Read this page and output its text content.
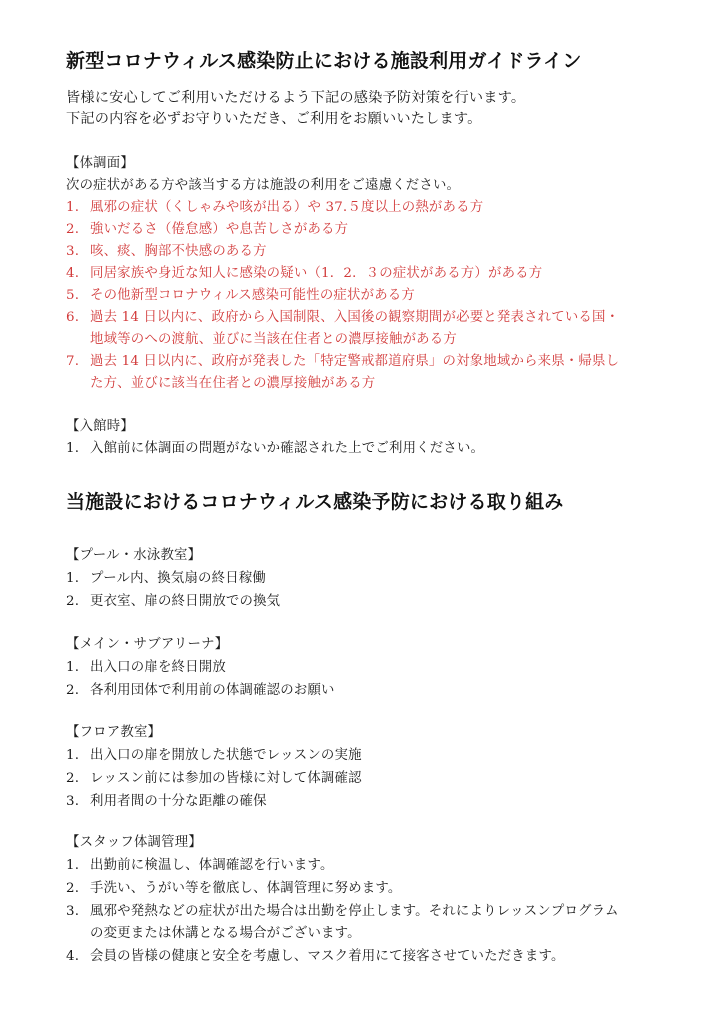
新型コロナウィルス感染防止における施設利用ガイドライン
皆様に安心してご利用いただけるよう下記の感染予防対策を行います。
下記の内容を必ずお守りいただき、ご利用をお願いいたします。
【体調面】
次の症状がある方や該当する方は施設の利用をご遠慮ください。
1. 風邪の症状（くしゃみや咳が出る）や 37.５度以上の熱がある方
2. 強いだるさ（倦怠感）や息苦しさがある方
3. 咳、痰、胸部不快感のある方
4. 同居家族や身近な知人に感染の疑い（1．2．３の症状がある方）がある方
5. その他新型コロナウィルス感染可能性の症状がある方
6. 過去 14 日以内に、政府から入国制限、入国後の観察期間が必要と発表されている国・
地域等のへの渡航、並びに当該在住者との濃厚接触がある方
7. 過去 14 日以内に、政府が発表した「特定警戒都道府県」の対象地域から来県・帰県し
た方、並びに該当在住者との濃厚接触がある方
【入館時】
1. 入館前に体調面の問題がないか確認された上でご利用ください。
当施設におけるコロナウィルス感染予防における取り組み
【プール・水泳教室】
1. プール内、換気扇の終日稼働
2. 更衣室、扉の終日開放での換気
【メイン・サブアリーナ】
1. 出入口の扉を終日開放
2. 各利用団体で利用前の体調確認のお願い
【フロア教室】
1. 出入口の扉を開放した状態でレッスンの実施
2. レッスン前には参加の皆様に対して体調確認
3. 利用者間の十分な距離の確保
【スタッフ体調管理】
1. 出勤前に検温し、体調確認を行います。
2. 手洗い、うがい等を徹底し、体調管理に努めます。
3. 風邪や発熱などの症状が出た場合は出勤を停止します。それによりレッスンプログラム
の変更または休講となる場合がございます。
4. 会員の皆様の健康と安全を考慮し、マスク着用にて接客させていただきます。
